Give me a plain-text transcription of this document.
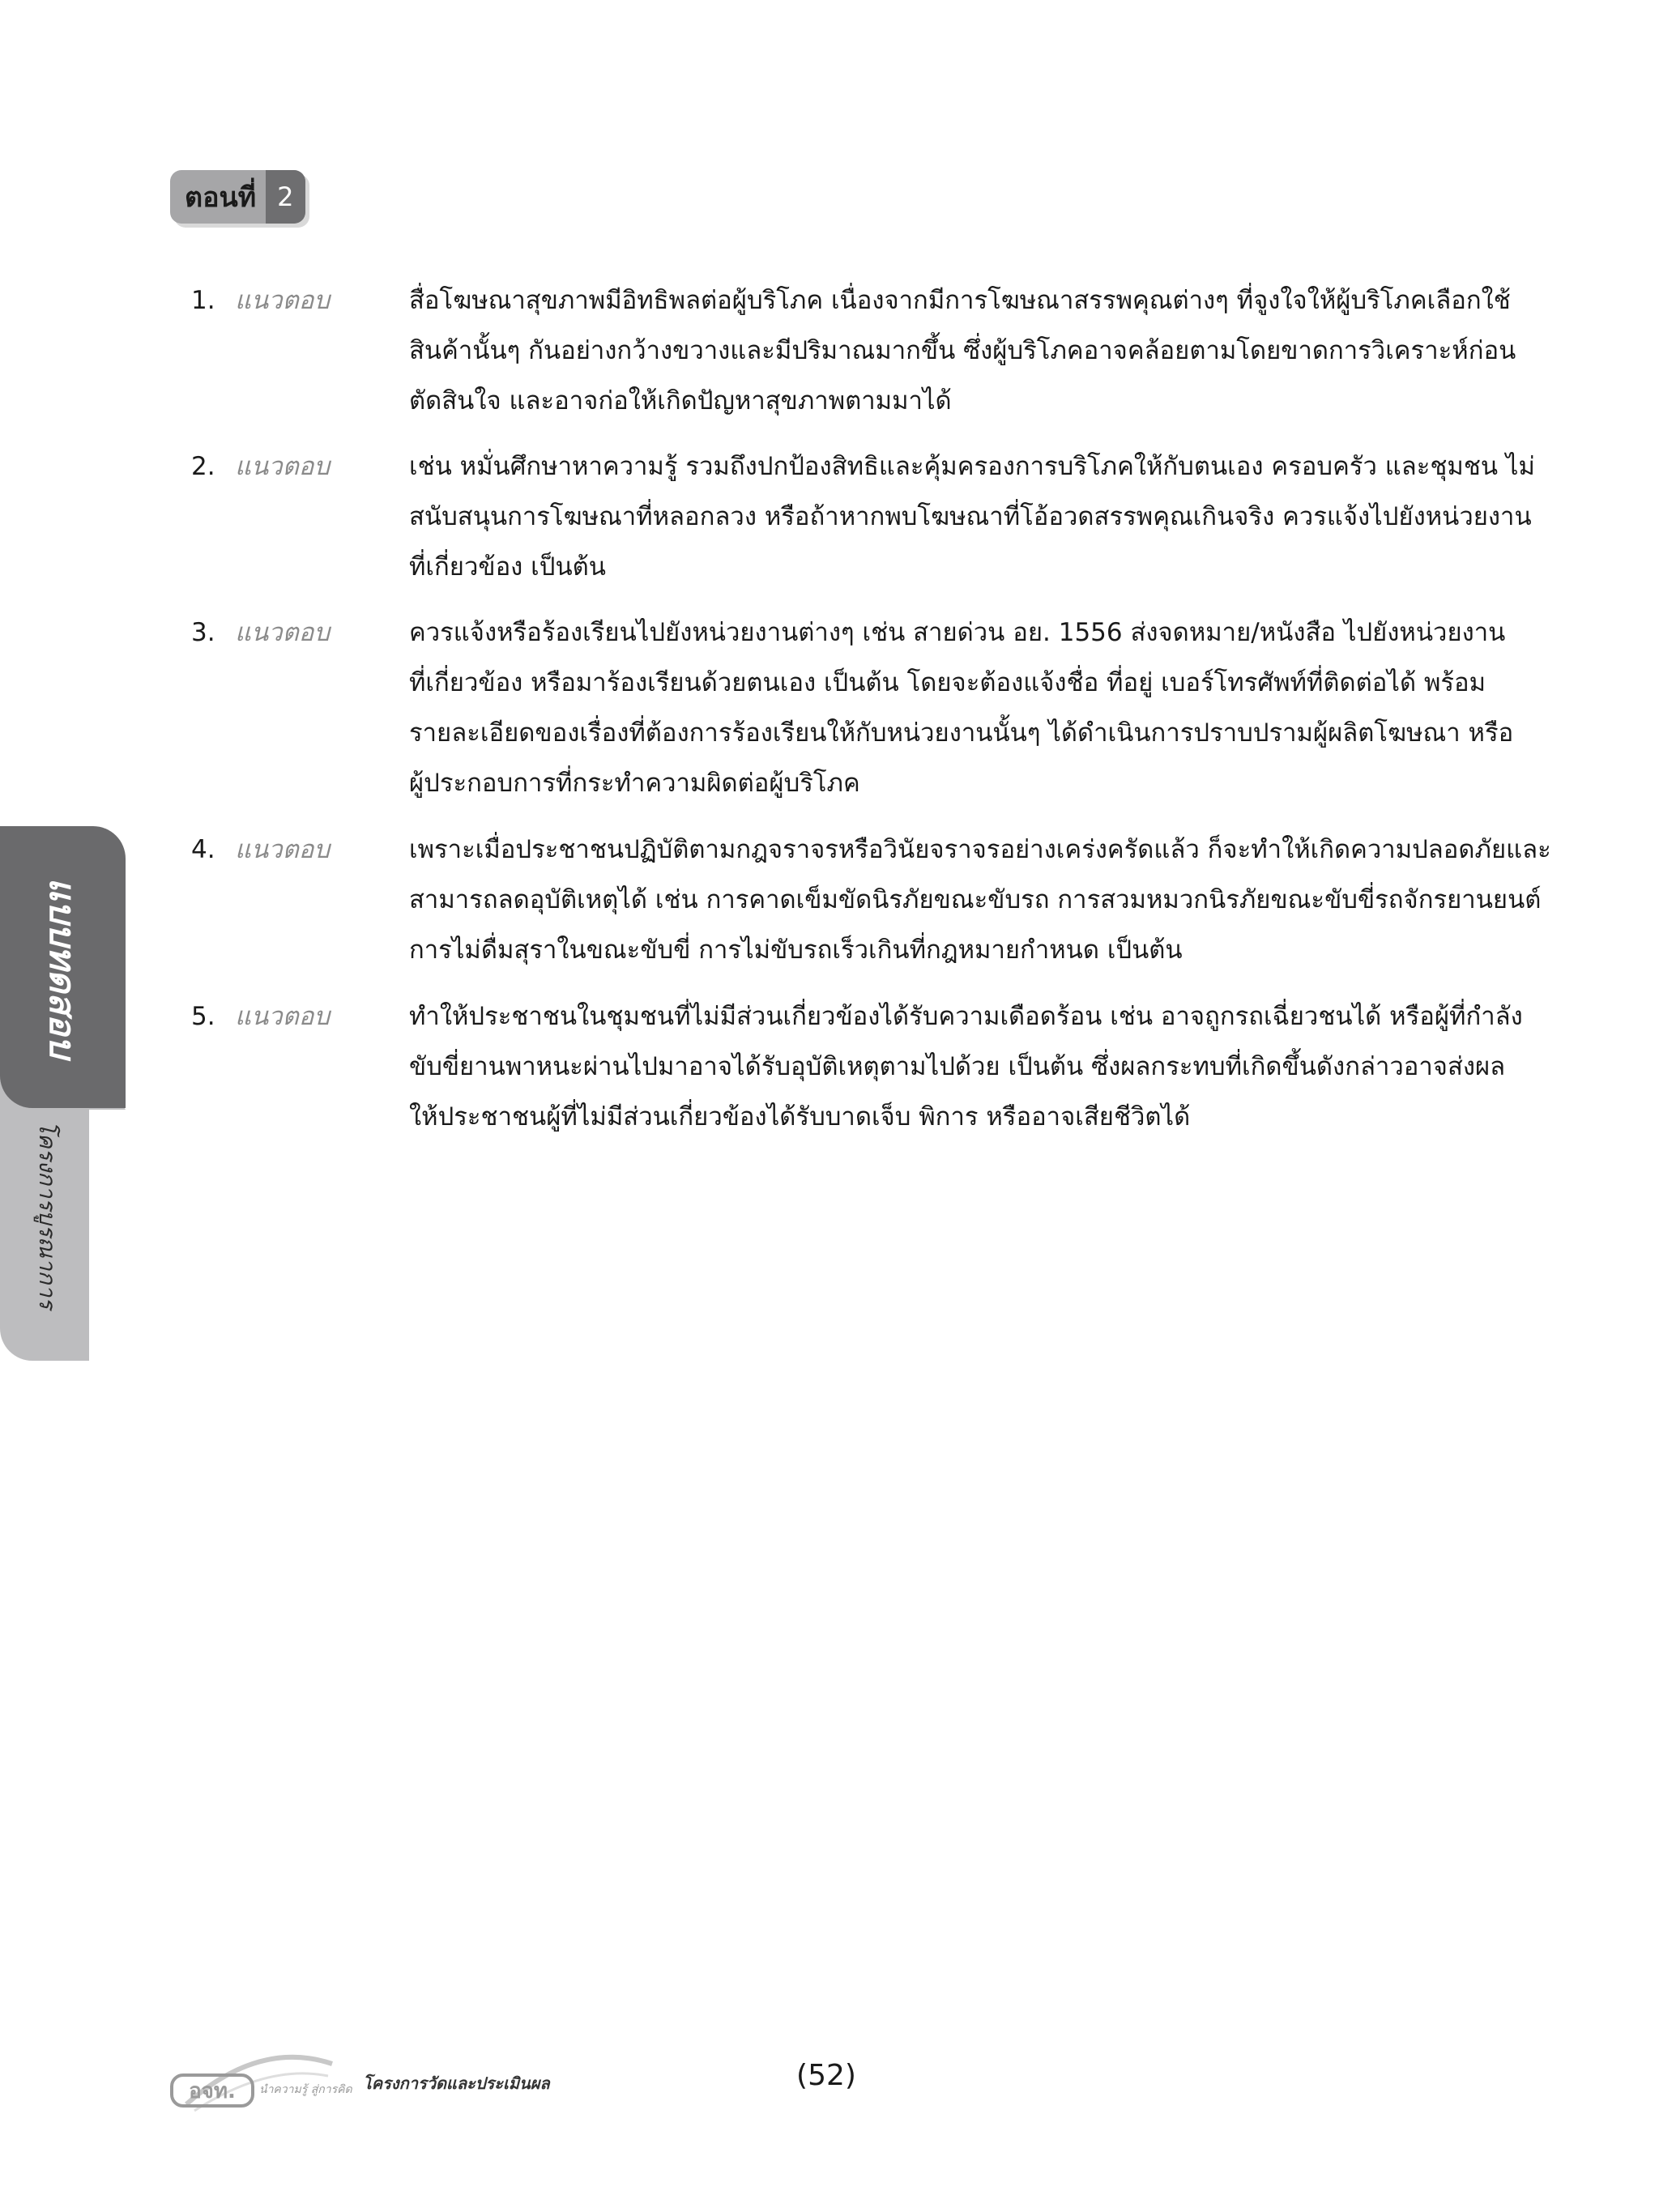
ตอนที่ 2
1. แนวตอบ	สื่อโฆษณาสุขภาพมีอิทธิพลต่อผู้บริโภค เนื่องจากมีการโฆษณาสรรพคุณต่างๆ ที่จูงใจให้ผู้บริโภคเลือกใช้
สินค้านั้นๆ กันอย่างกว้างขวางและมีปริมาณมากขึ้น ซึ่งผู้บริโภคอาจคล้อยตามโดยขาดการวิเคราะห์ก่อน
ตัดสินใจ และอาจก่อให้เกิดปัญหาสุขภาพตามมาได้
2. แนวตอบ	เช่น หมั่นศึกษาหาความรู้ รวมถึงปกป้องสิทธิและคุ้มครองการบริโภคให้กับตนเอง ครอบครัว และชุมชน ไม่
สนับสนุนการโฆษณาที่หลอกลวง หรือถ้าหากพบโฆษณาที่โอ้อวดสรรพคุณเกินจริง ควรแจ้งไปยังหน่วยงาน
ที่เกี่ยวข้อง เป็นต้น
3. แนวตอบ	ควรแจ้งหรือร้องเรียนไปยังหน่วยงานต่างๆ เช่น สายด่วน อย. 1556 ส่งจดหมาย/หนังสือ ไปยังหน่วยงาน
ที่เกี่ยวข้อง หรือมาร้องเรียนด้วยตนเอง เป็นต้น โดยจะต้องแจ้งชื่อ ที่อยู่ เบอร์โทรศัพท์ที่ติดต่อได้ พร้อม
รายละเอียดของเรื่องที่ต้องการร้องเรียนให้กับหน่วยงานนั้นๆ ได้ดำเนินการปราบปรามผู้ผลิตโฆษณา หรือ
ผู้ประกอบการที่กระทำความผิดต่อผู้บริโภค
4. แนวตอบ	เพราะเมื่อประชาชนปฏิบัติตามกฎจราจรหรือวินัยจราจรอย่างเคร่งครัดแล้ว ก็จะทำให้เกิดความปลอดภัยและ
สามารถลดอุบัติเหตุได้ เช่น การคาดเข็มขัดนิรภัยขณะขับรถ การสวมหมวกนิรภัยขณะขับขี่รถจักรยานยนต์
การไม่ดื่มสุราในขณะขับขี่ การไม่ขับรถเร็วเกินที่กฎหมายกำหนด เป็นต้น
5. แนวตอบ	ทำให้ประชาชนในชุมชนที่ไม่มีส่วนเกี่ยวข้องได้รับความเดือดร้อน เช่น อาจถูกรถเฉี่ยวชนได้ หรือผู้ที่กำลัง
ขับขี่ยานพาหนะผ่านไปมาอาจได้รับอุบัติเหตุตามไปด้วย เป็นต้น ซึ่งผลกระทบที่เกิดขึ้นดังกล่าวอาจส่งผล
ให้ประชาชนผู้ที่ไม่มีส่วนเกี่ยวข้องได้รับบาดเจ็บ พิการ หรืออาจเสียชีวิตได้
แบบทดสอบ
โครงการบูรณาการ
อจท. นำความรู้ สู่การคิด โครงการวัดและประเมินผล	(52)
